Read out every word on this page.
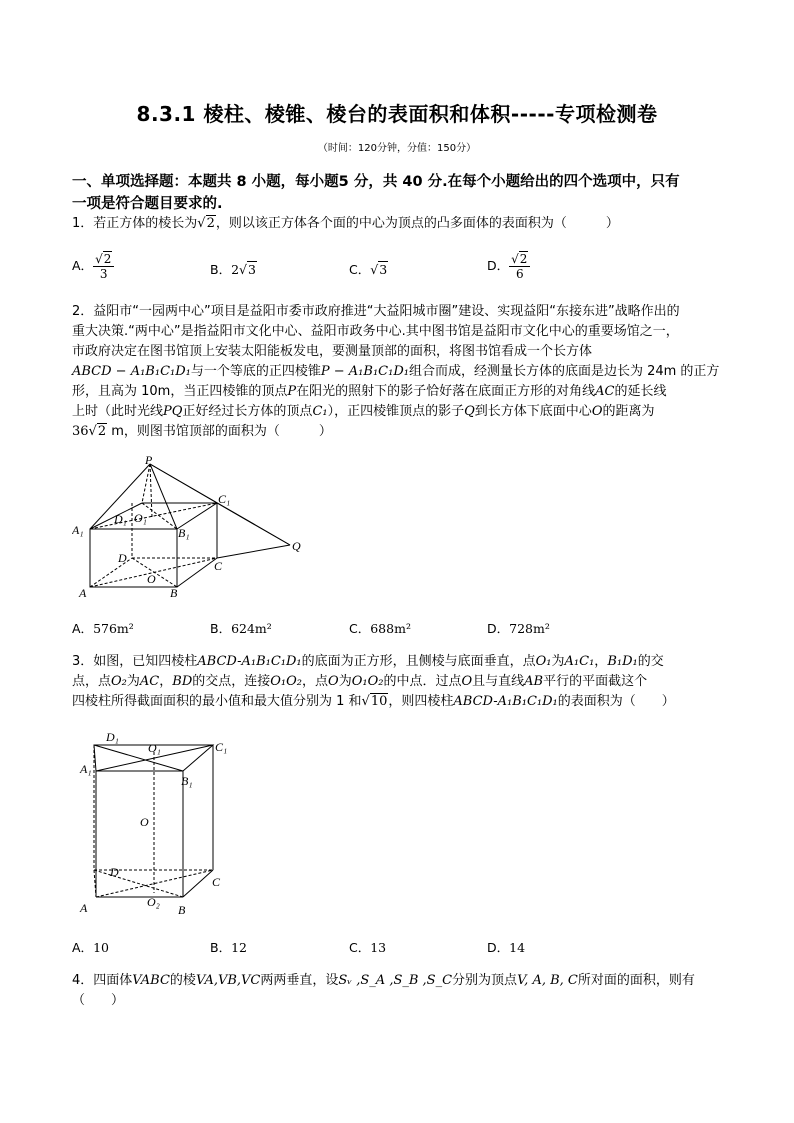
8.3.1 棱柱、棱锥、棱台的表面积和体积-----专项检测卷
（时间：120分钟，分值：150分）
一、单项选择题：本题共 8 小题，每小题5 分，共 40 分.在每个小题给出的四个选项中，只有
一项是符合题目要求的.
1．若正方体的棱长为√2，则以该正方体各个面的中心为顶点的凸多面体的表面积为（　　　）
A． $\frac{√2}{3}$	B．2√3	C．√3	D． $\frac{√2}{6}$
2．益阳市“一园两中心”项目是益阳市委市政府推进“大益阳城市圈”建设、实现益阳“东接东进”战略作出的
重大决策.“两中心”是指益阳市文化中心、益阳市政务中心.其中图书馆是益阳市文化中心的重要场馆之一，
市政府决定在图书馆顶上安装太阳能板发电，要测量顶部的面积，将图书馆看成一个长方体
ABCD − A₁B₁C₁D₁与一个等底的正四棱锥P − A₁B₁C₁D₁组合而成，经测量长方体的底面是边长为 24m 的正方
形，且高为 10m，当正四棱锥的顶点P在阳光的照射下的影子恰好落在底面正方形的对角线AC的延长线
上时（此时光线PQ正好经过长方体的顶点C₁），正四棱锥顶点的影子Q到长方体下底面中心O的距离为
36√2 m，则图书馆顶部的面积为（　　　）
P
A₁
D₁ O₁
C₁
B₁
D
O
C
A	B
Q
A．576m²	B．624m²	C．688m²	D．728m²
3．如图，已知四棱柱ABCD-A₁B₁C₁D₁的底面为正方形，且侧棱与底面垂直，点O₁为A₁C₁，B₁D₁的交
点，点O₂为AC，BD的交点，连接O₁O₂，点O为O₁O₂的中点．过点O且与直线AB平行的平面截这个
四棱柱所得截面面积的最小值和最大值分别为 1 和√10，则四棱柱ABCD-A₁B₁C₁D₁的表面积为（　　）
D₁
O₁	C₁
A₁
B₁
O
D
C
A	O₂
B
A．10	B．12	C．13	D．14
4．四面体VABC的棱VA,VB,VC两两垂直，设Sᵥ ,S_A ,S_B ,S_C分别为顶点V, A, B, C所对面的面积，则有
（　　）
